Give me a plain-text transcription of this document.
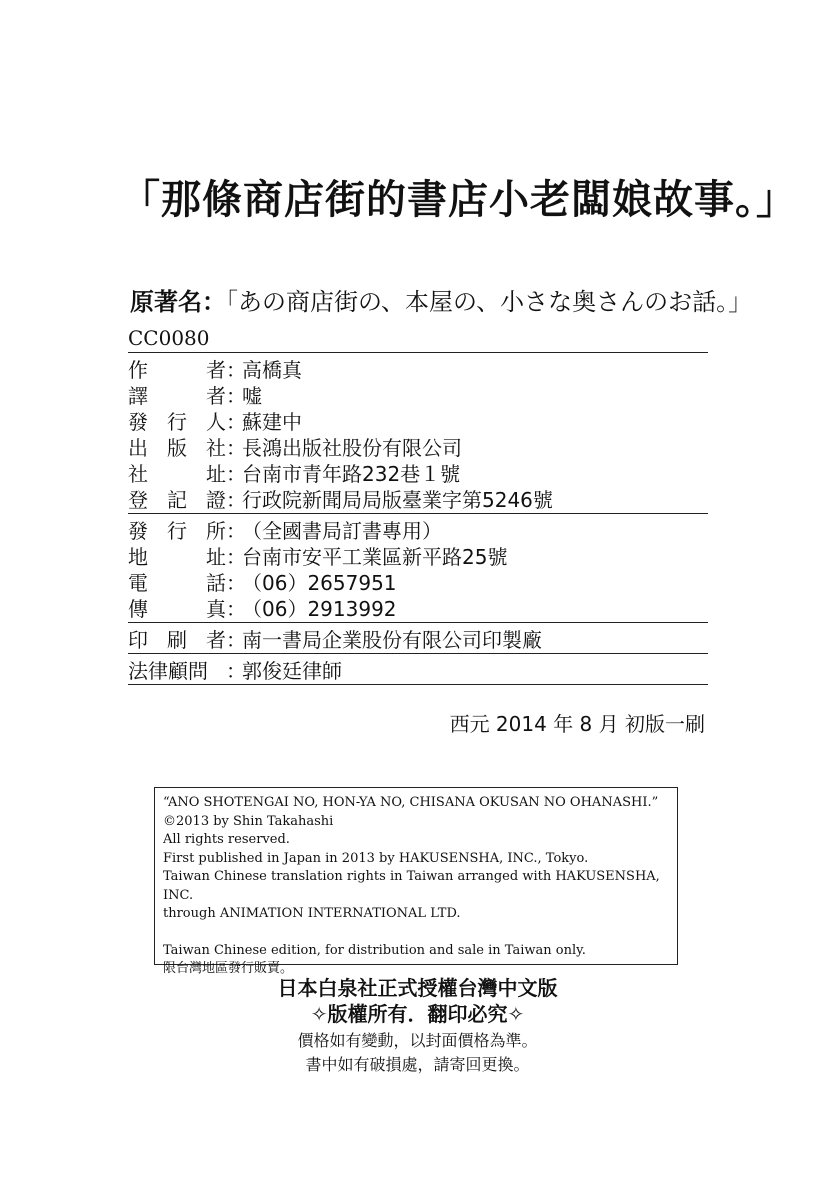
「那條商店街的書店小老闆娘故事。」
原著名：「あの商店街の、本屋の、小さな奥さんのお話。」
CC0080
作	者 ：
高橋真
譯	者 ：
嘘
發 行 人 ：
蘇建中
出 版 社 ：
長鴻出版社股份有限公司
社	址 ：
台南市青年路232巷１號
登 記 證 ：
行政院新聞局局版臺業字第5246號
發 行 所 ：
（全國書局訂書專用）
地	址 ：
台南市安平工業區新平路25號
電	話 ：
（06）2657951
傳	真 ：
（06）2913992
印 刷 者 ：
南一書局企業股份有限公司印製廠
法律顧問 ：
郭俊廷律師
西元 2014 年 8 月 初版一刷
“ANO SHOTENGAI NO, HON-YA NO, CHISANA OKUSAN NO OHANASHI.”
©2013 by Shin Takahashi
All rights reserved.
First published in Japan in 2013 by HAKUSENSHA, INC., Tokyo.
Taiwan Chinese translation rights in Taiwan arranged with HAKUSENSHA, INC.
through ANIMATION INTERNATIONAL LTD.
Taiwan Chinese edition, for distribution and sale in Taiwan only.
限台灣地區發行販賣。
日本白泉社正式授權台灣中文版
✧版權所有．翻印必究✧
價格如有變動，以封面價格為準。
書中如有破損處，請寄回更換。
